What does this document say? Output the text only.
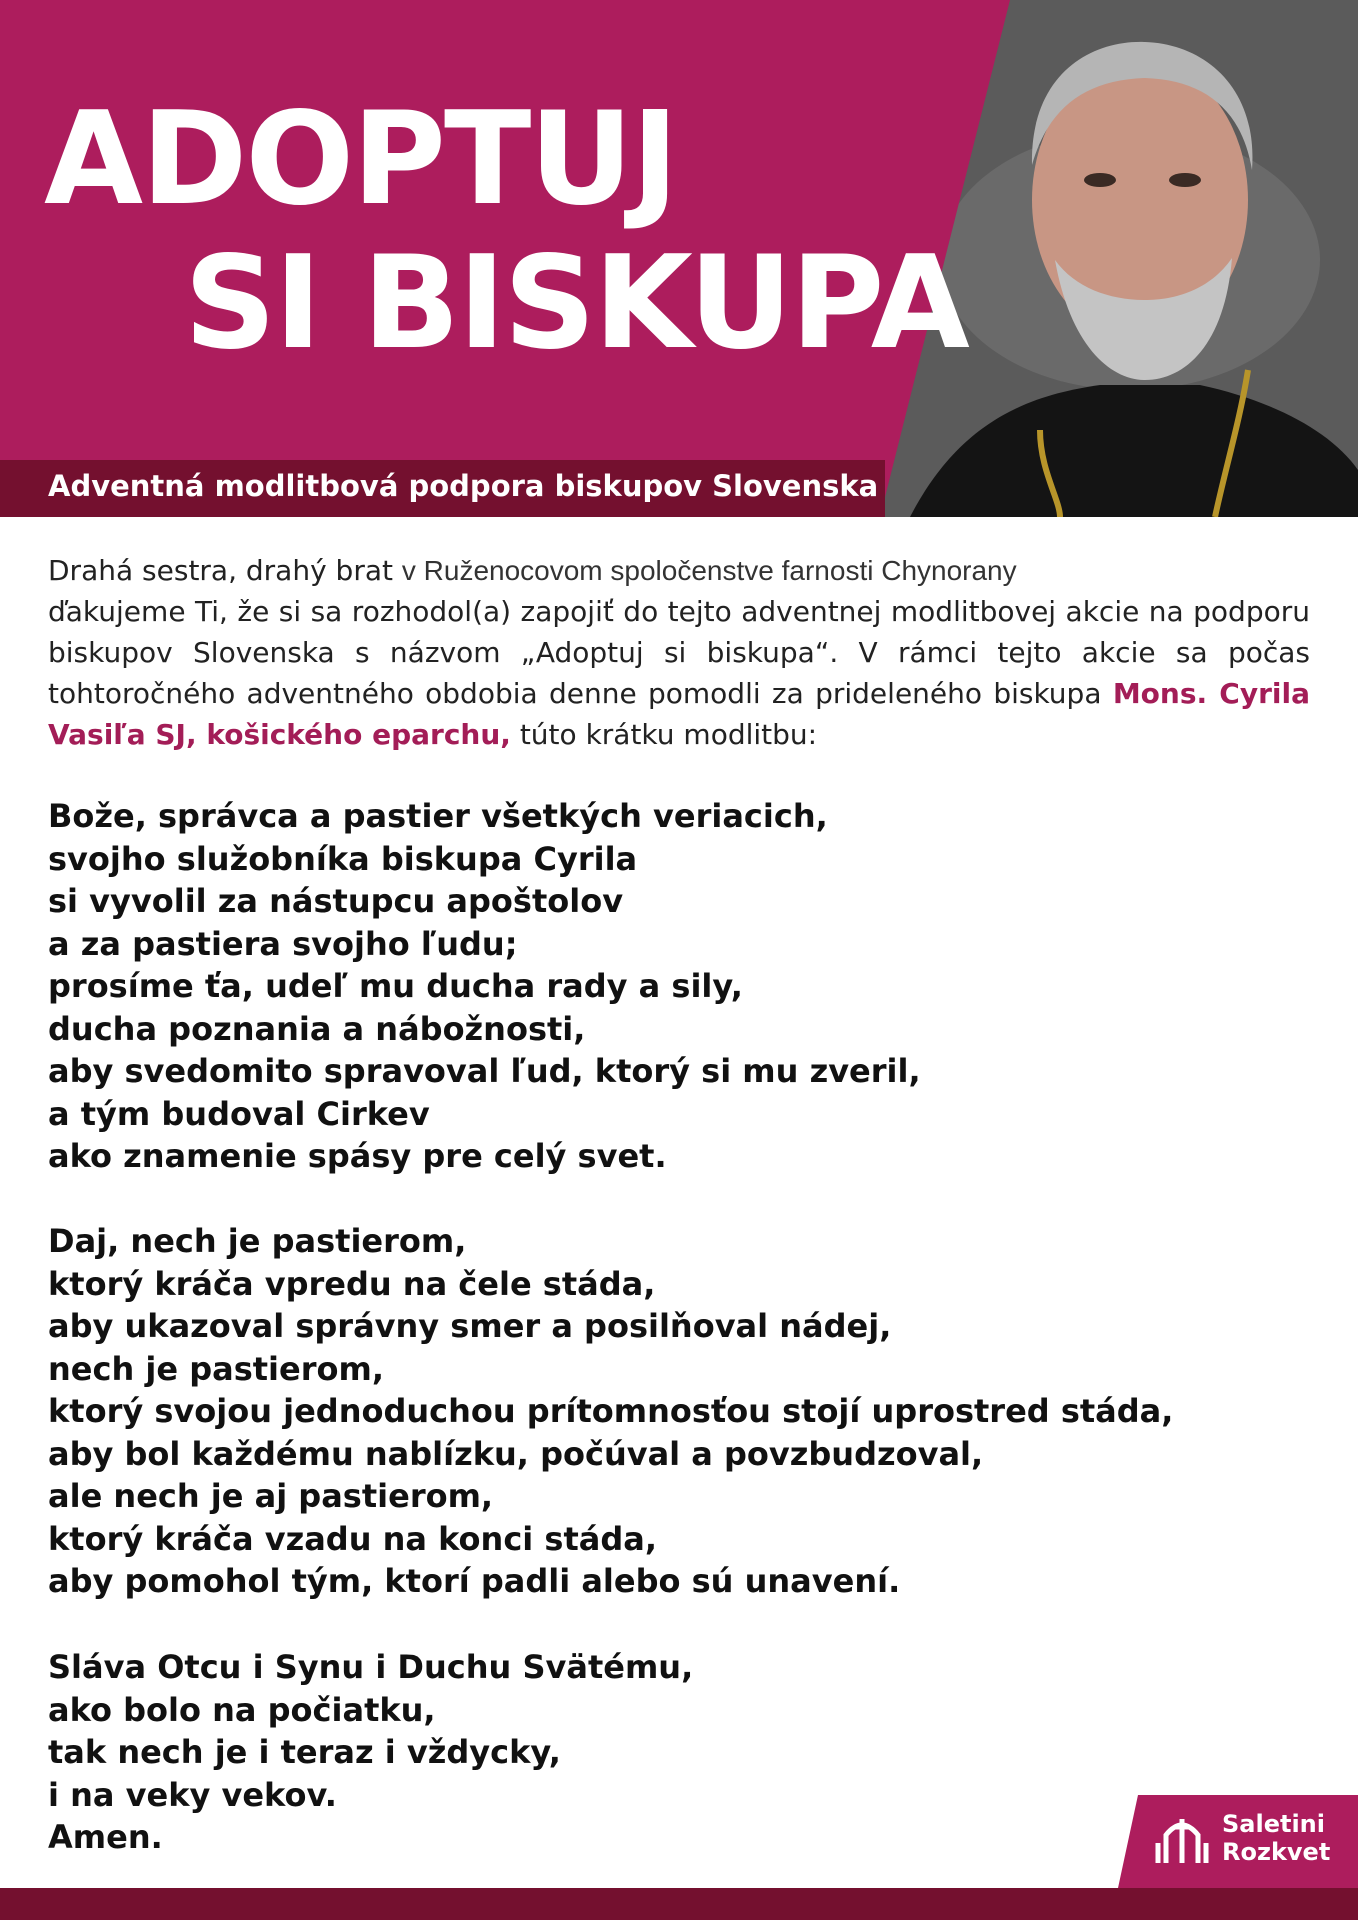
ADOPTUJ
SI BISKUPA
Adventná modlitbová podpora biskupov Slovenska
Drahá sestra, drahý brat v Ruženocovom spoločenstve farnosti Chynorany
ďakujeme Ti, že si sa rozhodol(a) zapojiť do tejto adventnej modlitbovej akcie na podporu biskupov Slovenska s názvom „Adoptuj si biskupa“. V rámci tejto akcie sa počas tohtoročného adventného obdobia denne pomodli za prideleného biskupa Mons. Cyrila Vasiľa SJ, košického eparchu, túto krátku modlitbu:
Bože, správca a pastier všetkých veriacich,
svojho služobníka biskupa Cyrila
si vyvolil za nástupcu apoštolov
a za pastiera svojho ľudu;
prosíme ťa, udeľ mu ducha rady a sily,
ducha poznania a nábožnosti,
aby svedomito spravoval ľud, ktorý si mu zveril,
a tým budoval Cirkev
ako znamenie spásy pre celý svet.
Daj, nech je pastierom,
ktorý kráča vpredu na čele stáda,
aby ukazoval správny smer a posilňoval nádej,
nech je pastierom,
ktorý svojou jednoduchou prítomnosťou stojí uprostred stáda,
aby bol každému nablízku, počúval a povzbudzoval,
ale nech je aj pastierom,
ktorý kráča vzadu na konci stáda,
aby pomohol tým, ktorí padli alebo sú unavení.
Sláva Otcu i Synu i Duchu Svätému,
ako bolo na počiatku,
tak nech je i teraz i vždycky,
i na veky vekov.
Amen.	Saletini
Rozkvet
